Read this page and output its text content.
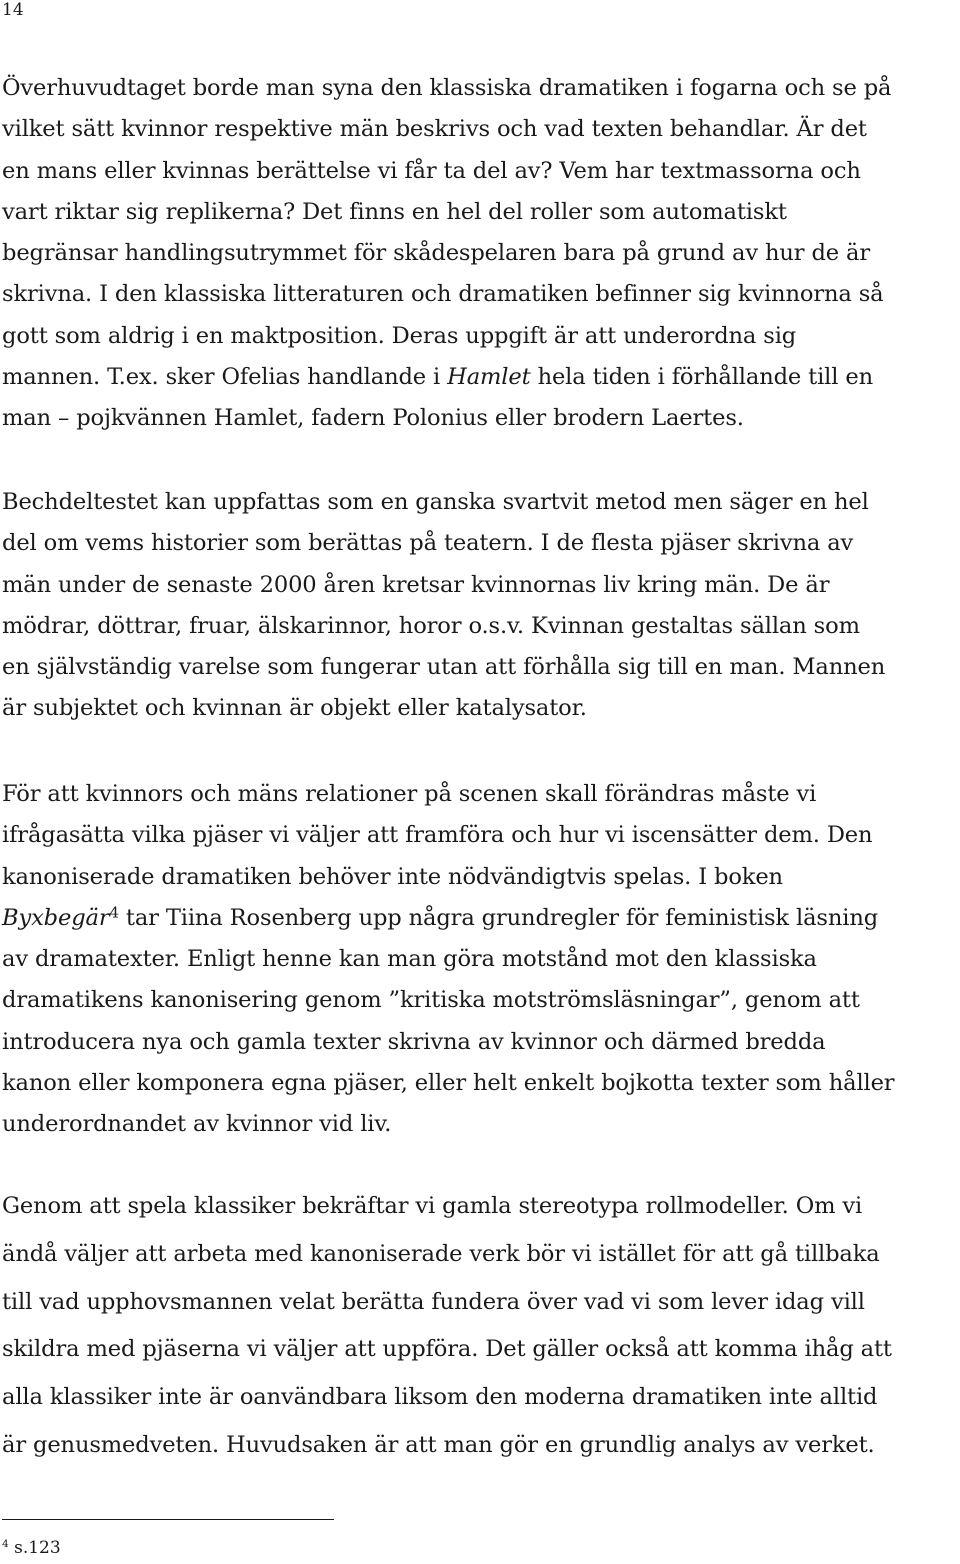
14

Överhuvudtaget borde man syna den klassiska dramatiken i fogarna och se på
vilket sätt kvinnor respektive män beskrivs och vad texten behandlar. Är det
en mans eller kvinnas berättelse vi får ta del av? Vem har textmassorna och
vart riktar sig replikerna? Det finns en hel del roller som automatiskt
begränsar handlingsutrymmet för skådespelaren bara på grund av hur de är
skrivna. I den klassiska litteraturen och dramatiken befinner sig kvinnorna så
gott som aldrig i en maktposition. Deras uppgift är att underordna sig
mannen. T.ex. sker Ofelias handlande i Hamlet hela tiden i förhållande till en
man – pojkvännen Hamlet, fadern Polonius eller brodern Laertes.

Bechdeltestet kan uppfattas som en ganska svartvit metod men säger en hel
del om vems historier som berättas på teatern. I de flesta pjäser skrivna av
män under de senaste 2000 åren kretsar kvinnornas liv kring män. De är
mödrar, döttrar, fruar, älskarinnor, horor o.s.v. Kvinnan gestaltas sällan som
en självständig varelse som fungerar utan att förhålla sig till en man. Mannen
är subjektet och kvinnan är objekt eller katalysator.

För att kvinnors och mäns relationer på scenen skall förändras måste vi
ifrågasätta vilka pjäser vi väljer att framföra och hur vi iscensätter dem. Den
kanoniserade dramatiken behöver inte nödvändigtvis spelas. I boken
Byxbegär$^4$ tar Tiina Rosenberg upp några grundregler för feministisk läsning
av dramatexter. Enligt henne kan man göra motstånd mot den klassiska
dramatikens kanonisering genom ”kritiska motströmsläsningar”, genom att
introducera nya och gamla texter skrivna av kvinnor och därmed bredda
kanon eller komponera egna pjäser, eller helt enkelt bojkotta texter som håller
underordnandet av kvinnor vid liv.

Genom att spela klassiker bekräftar vi gamla stereotypa rollmodeller. Om vi
ändå väljer att arbeta med kanoniserade verk bör vi istället för att gå tillbaka
till vad upphovsmannen velat berätta fundera över vad vi som lever idag vill
skildra med pjäserna vi väljer att uppföra. Det gäller också att komma ihåg att
alla klassiker inte är oanvändbara liksom den moderna dramatiken inte alltid
är genusmedveten. Huvudsaken är att man gör en grundlig analys av verket.

$^4$ s.123
